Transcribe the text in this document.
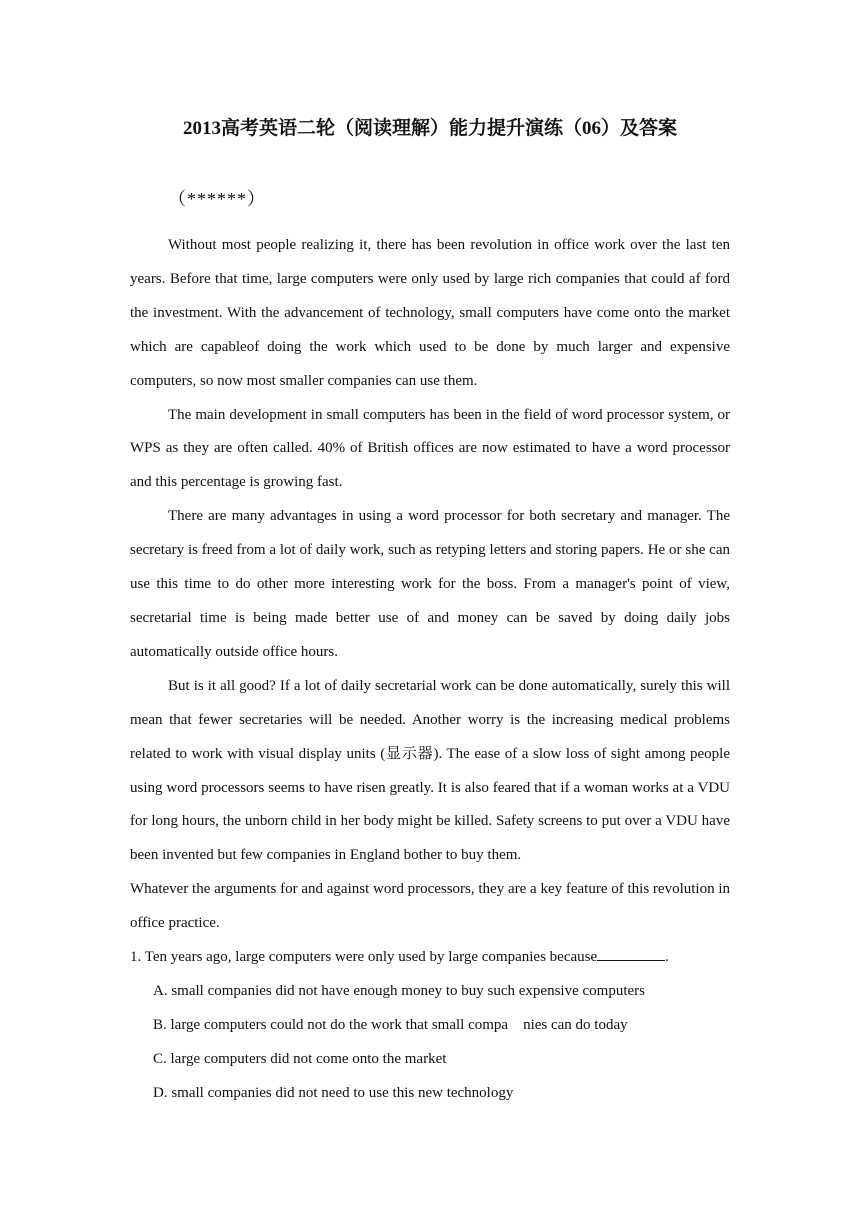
2013高考英语二轮（阅读理解）能力提升演练（06）及答案
（******）

Without most people realizing it, there has been revolution in office work over the last ten years. Before that time, large computers were only used by large rich companies that could af ford the investment. With the advancement of technology, small computers have come onto the market which are capableof doing the work which used to be done by much larger and expensive computers, so now most smaller companies can use them.

The main development in small computers has been in the field of word processor system, or WPS as they are often called. 40% of British offices are now estimated to have a word processor and this percentage is growing fast.

There are many advantages in using a word processor for both secretary and manager. The secretary is freed from a lot of daily work, such as retyping letters and storing papers. He or she can use this time to do other more interesting work for the boss. From a manager's point of view, secretarial time is being made better use of and money can be saved by doing daily jobs automatically outside office hours.

But is it all good? If a lot of daily secretarial work can be done automatically, surely this will mean that fewer secretaries will be needed. Another worry is the increasing medical problems related to work with visual display units (显示器). The ease of a slow loss of sight among people using word processors seems to have risen greatly. It is also feared that if a woman works at a VDU for long hours, the unborn child in her body might be killed. Safety screens to put over a VDU have been invented but few companies in England bother to buy them.

Whatever the arguments for and against word processors, they are a key feature of this revolution in office practice.

1. Ten years ago, large computers were only used by large companies because	.

A. small companies did not have enough money to buy such expensive computers
B. large computers could not do the work that small compa    nies can do today
C. large computers did not come onto the market
D. small companies did not need to use this new technology
